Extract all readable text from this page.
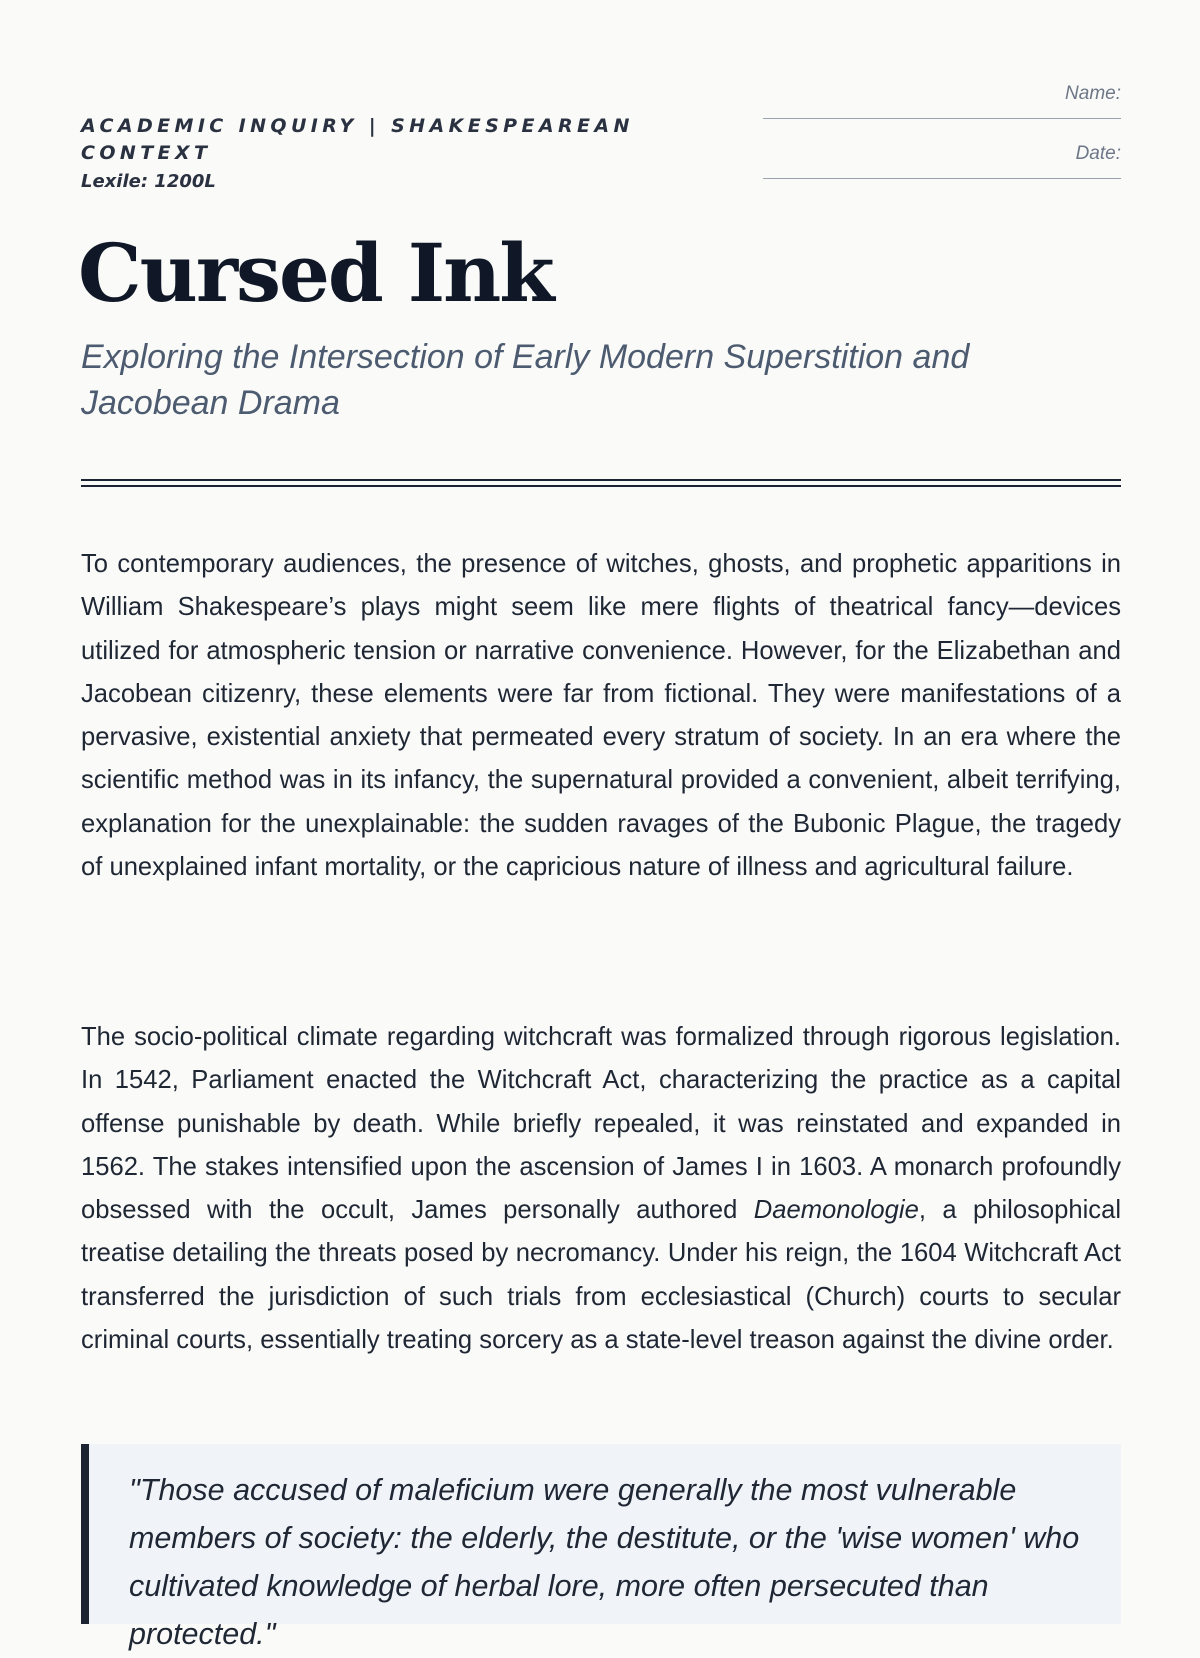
ACADEMIC INQUIRY | SHAKESPEAREAN CONTEXT
Lexile: 1200L
Name:
Date:
Cursed Ink

Exploring the Intersection of Early Modern Superstition and Jacobean Drama

To contemporary audiences, the presence of witches, ghosts, and prophetic apparitions in William Shakespeare’s plays might seem like mere flights of theatrical fancy—devices utilized for atmospheric tension or narrative convenience. However, for the Elizabethan and Jacobean citizenry, these elements were far from fictional. They were manifestations of a pervasive, existential anxiety that permeated every stratum of society. In an era where the scientific method was in its infancy, the supernatural provided a convenient, albeit terrifying, explanation for the unexplainable: the sudden ravages of the Bubonic Plague, the tragedy of unexplained infant mortality, or the capricious nature of illness and agricultural failure.

The socio-political climate regarding witchcraft was formalized through rigorous legislation. In 1542, Parliament enacted the Witchcraft Act, characterizing the practice as a capital offense punishable by death. While briefly repealed, it was reinstated and expanded in 1562. The stakes intensified upon the ascension of James I in 1603. A monarch profoundly obsessed with the occult, James personally authored Daemonologie, a philosophical treatise detailing the threats posed by necromancy. Under his reign, the 1604 Witchcraft Act transferred the jurisdiction of such trials from ecclesiastical (Church) courts to secular criminal courts, essentially treating sorcery as a state-level treason against the divine order.

"Those accused of maleficium were generally the most vulnerable members of society: the elderly, the destitute, or the 'wise women' who cultivated knowledge of herbal lore, more often persecuted than protected."
